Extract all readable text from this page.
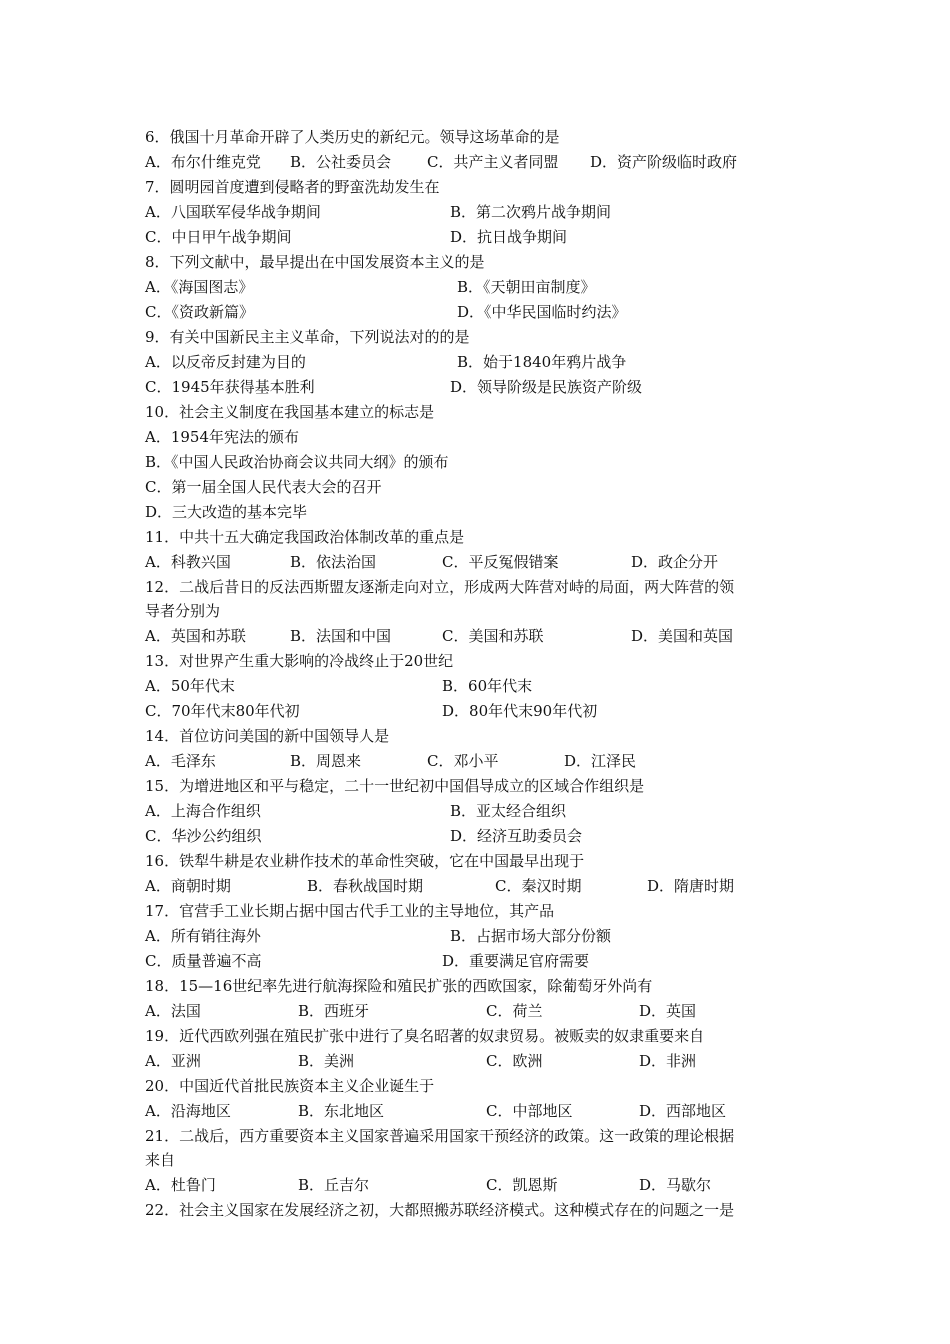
6．俄国十月革命开辟了人类历史的新纪元。领导这场革命的是
A．布尔什维克党 B．公社委员会 C．共产主义者同盟 D．资产阶级临时政府
7．圆明园首度遭到侵略者的野蛮洗劫发生在
A．八国联军侵华战争期间	B．第二次鸦片战争期间
C．中日甲午战争期间	D．抗日战争期间
8．下列文献中，最早提出在中国发展资本主义的是
A．《海国图志》	B．《天朝田亩制度》
C．《资政新篇》	D．《中华民国临时约法》
9．有关中国新民主主义革命，下列说法对的的是
A．以反帝反封建为目的	B．始于1840年鸦片战争
C．1945年获得基本胜利	D．领导阶级是民族资产阶级
10．社会主义制度在我国基本建立的标志是
A．1954年宪法的颁布
B．《中国人民政治协商会议共同大纲》的颁布
C．第一届全国人民代表大会的召开
D．三大改造的基本完毕
11．中共十五大确定我国政治体制改革的重点是
A．科教兴国	B．依法治国	C．平反冤假错案	D．政企分开
12．二战后昔日的反法西斯盟友逐渐走向对立，形成两大阵营对峙的局面，两大阵营的领
导者分别为
A．英国和苏联	B．法国和中国	C．美国和苏联	D．美国和英国
13．对世界产生重大影响的冷战终止于20世纪
A．50年代末	B．60年代末
C．70年代末80年代初	D．80年代末90年代初
14．首位访问美国的新中国领导人是
A．毛泽东	B．周恩来	C．邓小平	D．江泽民
15．为增进地区和平与稳定，二十一世纪初中国倡导成立的区域合作组织是
A．上海合作组织	B．亚太经合组织
C．华沙公约组织	D．经济互助委员会
16．铁犁牛耕是农业耕作技术的革命性突破，它在中国最早出现于
A．商朝时期	B．春秋战国时期	C．秦汉时期	D．隋唐时期
17．官营手工业长期占据中国古代手工业的主导地位，其产品
A．所有销往海外	B．占据市场大部分份额
C．质量普遍不高	D．重要满足官府需要
18．15—16世纪率先进行航海探险和殖民扩张的西欧国家，除葡萄牙外尚有
A．法国	B．西班牙	C．荷兰	D．英国
19．近代西欧列强在殖民扩张中进行了臭名昭著的奴隶贸易。被贩卖的奴隶重要来自
A．亚洲	B．美洲	C．欧洲	D．非洲
20．中国近代首批民族资本主义企业诞生于
A．沿海地区	B．东北地区	C．中部地区	D．西部地区
21．二战后，西方重要资本主义国家普遍采用国家干预经济的政策。这一政策的理论根据
来自
A．杜鲁门	B．丘吉尔	C．凯恩斯	D．马歇尔
22．社会主义国家在发展经济之初，大都照搬苏联经济模式。这种模式存在的问题之一是
